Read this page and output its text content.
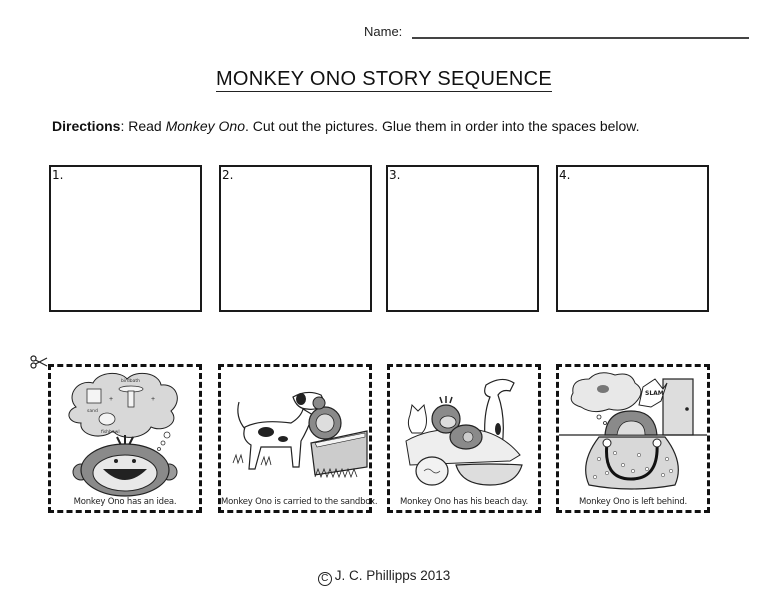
Name:
MONKEY ONO STORY SEQUENCE
Directions: Read Monkey Ono. Cut out the pictures. Glue them in order into the spaces below.
1.	2.	3.	4.
sand
+
birdbath
+
fishbowl
Monkey Ono has an idea.	Monkey Ono is carried to the sandbox.	Monkey Ono has his beach day.
SLAM
Monkey Ono is left behind.
C J. C. Phillipps 2013
